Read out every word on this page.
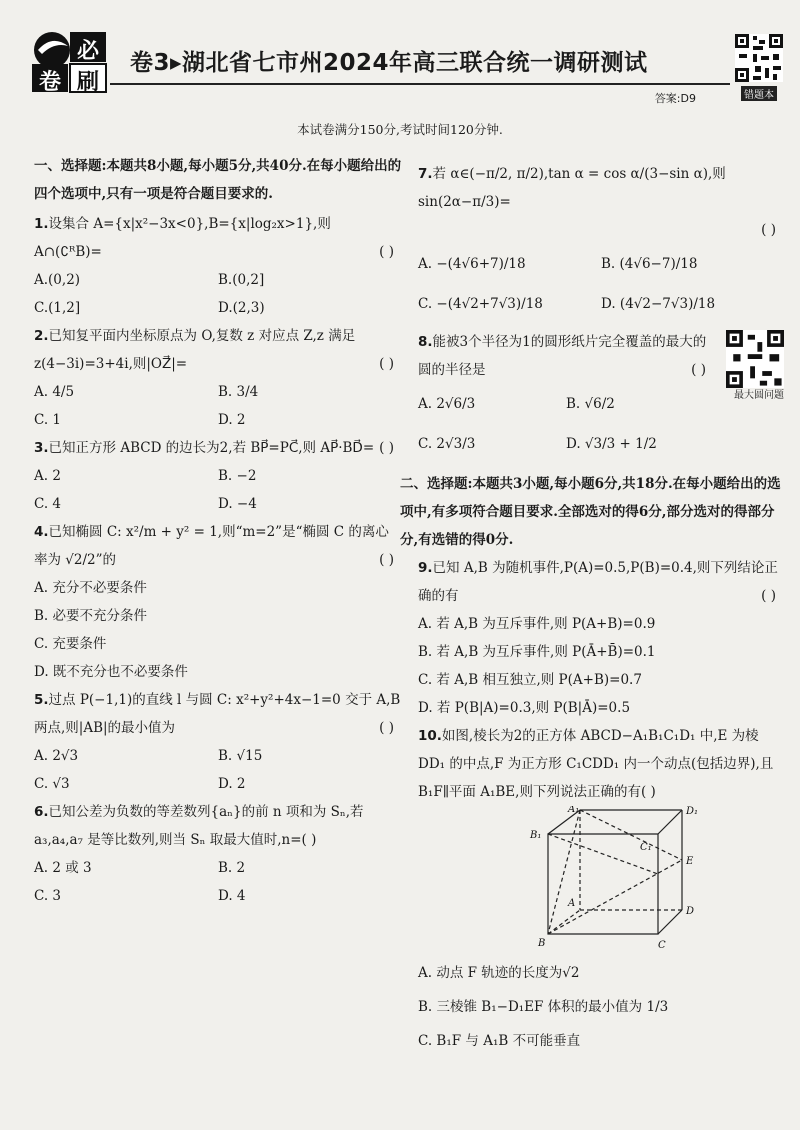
必
卷 刷
卷3▸湖北省七市州2024年高三联合统一调研测试
答案:D9	错题本
本试卷满分150分,考试时间120分钟.

一、选择题:本题共8小题,每小题5分,共40分.在每小题给出的四个选项中,只有一项是符合题目要求的.

1.设集合 A={x|x²−3x<0},B={x|log₂x>1},则 A∩(∁ᴿB)=	( )

A.(0,2)	B.(0,2]
C.(1,2]	D.(2,3)

2.已知复平面内坐标原点为 O,复数 z 对应点 Z,z 满足 z(4−3i)=3+4i,则|OZ⃗|=	( )

A. 4/5	B. 3/4
C. 1	D. 2

3.已知正方形 ABCD 的边长为2,若 BP⃗=PC⃗,则 AP⃗·BD⃗= ( )

A. 2	B. −2
C. 4	D. −4

4.已知椭圆 C: x²/m + y² = 1,则“m=2”是“椭圆 C 的离心率为 √2/2”的	( )

A. 充分不必要条件

B. 必要不充分条件

C. 充要条件

D. 既不充分也不必要条件

5.过点 P(−1,1)的直线 l 与圆 C: x²+y²+4x−1=0 交于 A,B 两点,则|AB|的最小值为	( )

A. 2√3	B. √15
C. √3	D. 2

6.已知公差为负数的等差数列{aₙ}的前 n 项和为 Sₙ,若 a₃,a₄,a₇ 是等比数列,则当 Sₙ 取最大值时,n=( )

A. 2 或 3	B. 2
C. 3	D. 4

7.若 α∈(−π/2, π/2),tan α = cos α/(3−sin α),则 sin(2α−π/3)=

( )

A. −(4√6+7)/18	B. (4√6−7)/18
C. −(4√2+7√3)/18	D. (4√2−7√3)/18

8.能被3个半径为1的圆形纸片完全覆盖的最大的圆的半径是	( )

最大圆问题
A. 2√6/3	B. √6/2
C. 2√3/3	D. √3/3 + 1/2

二、选择题:本题共3小题,每小题6分,共18分.在每小题给出的选项中,有多项符合题目要求.全部选对的得6分,部分选对的得部分分,有选错的得0分.

9.已知 A,B 为随机事件,P(A)=0.5,P(B)=0.4,则下列结论正确的有	( )

A. 若 A,B 为互斥事件,则 P(A+B)=0.9

B. 若 A,B 为互斥事件,则 P(Ā+B̄)=0.1

C. 若 A,B 相互独立,则 P(A+B)=0.7

D. 若 P(B|A)=0.3,则 P(B|Ā)=0.5

10.如图,棱长为2的正方体 ABCD−A₁B₁C₁D₁ 中,E 为棱 DD₁ 的中点,F 为正方形 C₁CDD₁ 内一个动点(包括边界),且 B₁F∥平面 A₁BE,则下列说法正确的有( )

A₁	D₁
B₁
C₁
E
A
D
B	C

A. 动点 F 轨迹的长度为√2

B. 三棱锥 B₁−D₁EF 体积的最小值为 1/3

C. B₁F 与 A₁B 不可能垂直
